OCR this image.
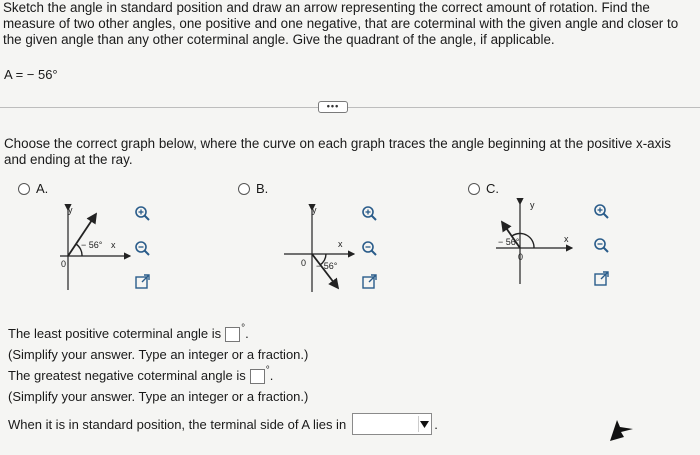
Sketch the angle in standard position and draw an arrow representing the correct amount of rotation. Find the measure of two other angles, one positive and one negative, that are coterminal with the given angle and closer to the given angle than any other coterminal angle. Give the quadrant of the angle, if applicable.
A = − 56°
•••
Choose the correct graph below, where the curve on each graph traces the angle beginning at the positive x-axis and ending at the ray.
A.	B.	C.
y
x
0
− 56°
y
x
0 − 56°
y
x
0
− 56°
The least positive coterminal angle is ° .
(Simplify your answer. Type an integer or a fraction.)
The greatest negative coterminal angle is ° .
(Simplify your answer. Type an integer or a fraction.)
When it is in standard position, the terminal side of A lies in	.
